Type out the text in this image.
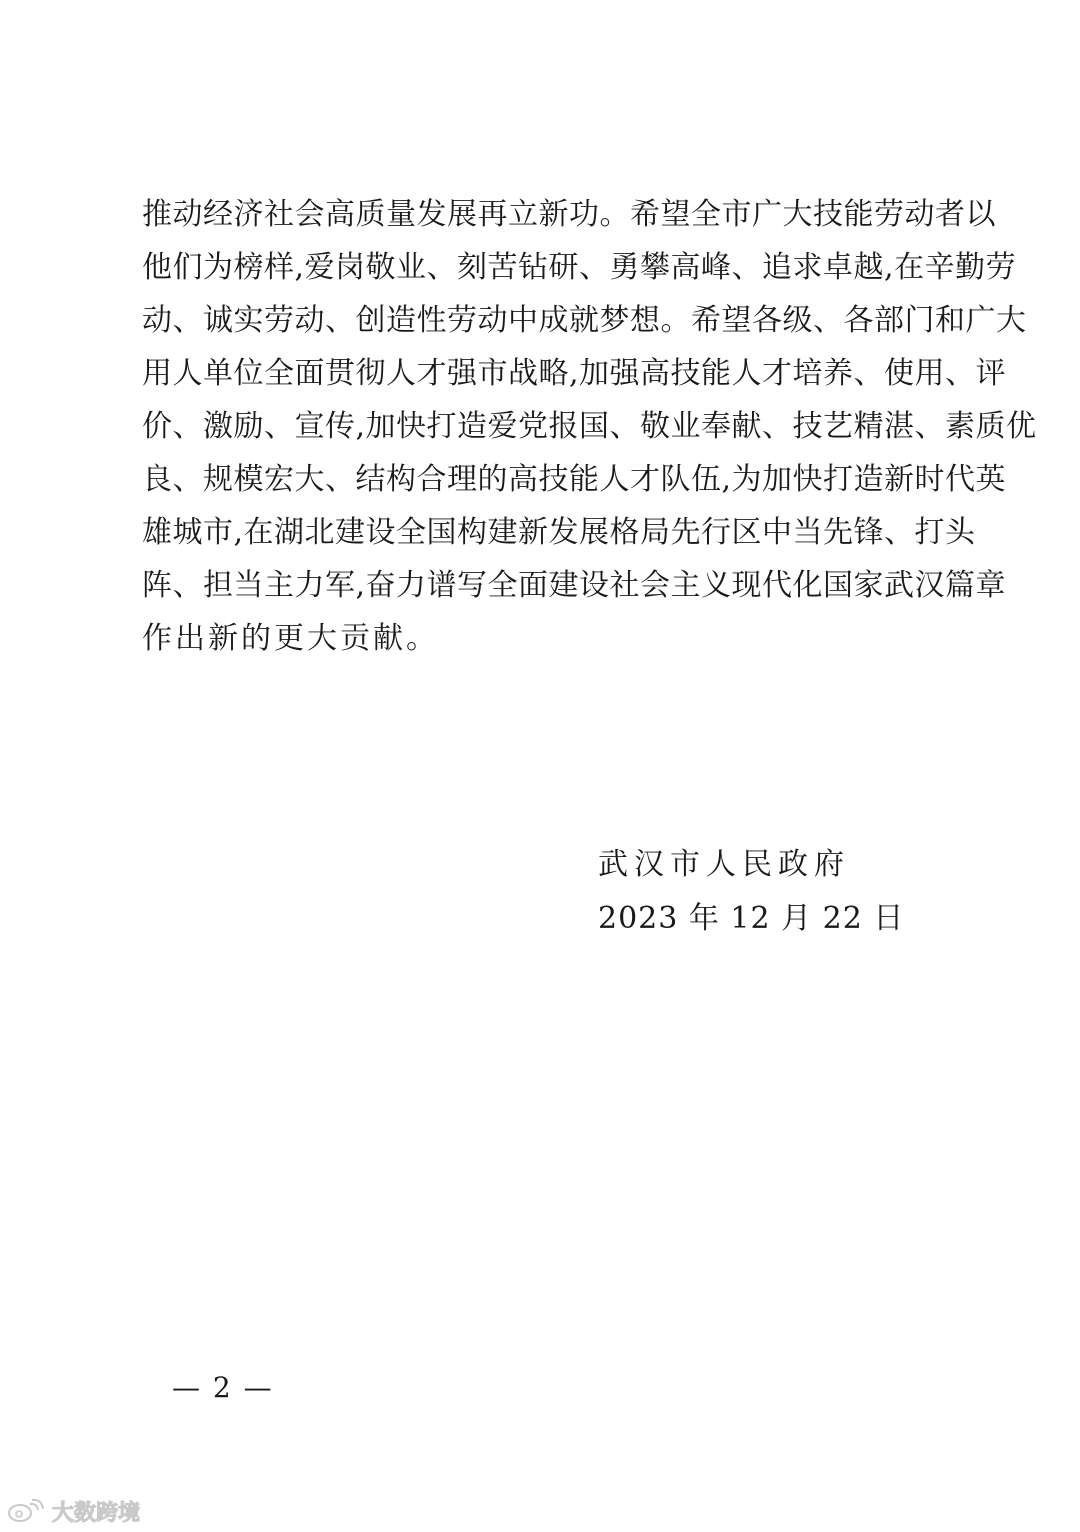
推动经济社会高质量发展再立新功。希望全市广大技能劳动者以
他们为榜样,爱岗敬业、刻苦钻研、勇攀高峰、追求卓越,在辛勤劳
动、诚实劳动、创造性劳动中成就梦想。希望各级、各部门和广大
用人单位全面贯彻人才强市战略,加强高技能人才培养、使用、评
价、激励、宣传,加快打造爱党报国、敬业奉献、技艺精湛、素质优
良、规模宏大、结构合理的高技能人才队伍,为加快打造新时代英
雄城市,在湖北建设全国构建新发展格局先行区中当先锋、打头
阵、担当主力军,奋力谱写全面建设社会主义现代化国家武汉篇章
作出新的更大贡献。
武汉市人民政府
2023 年 12 月 22 日
— 2 —
大数跨境
